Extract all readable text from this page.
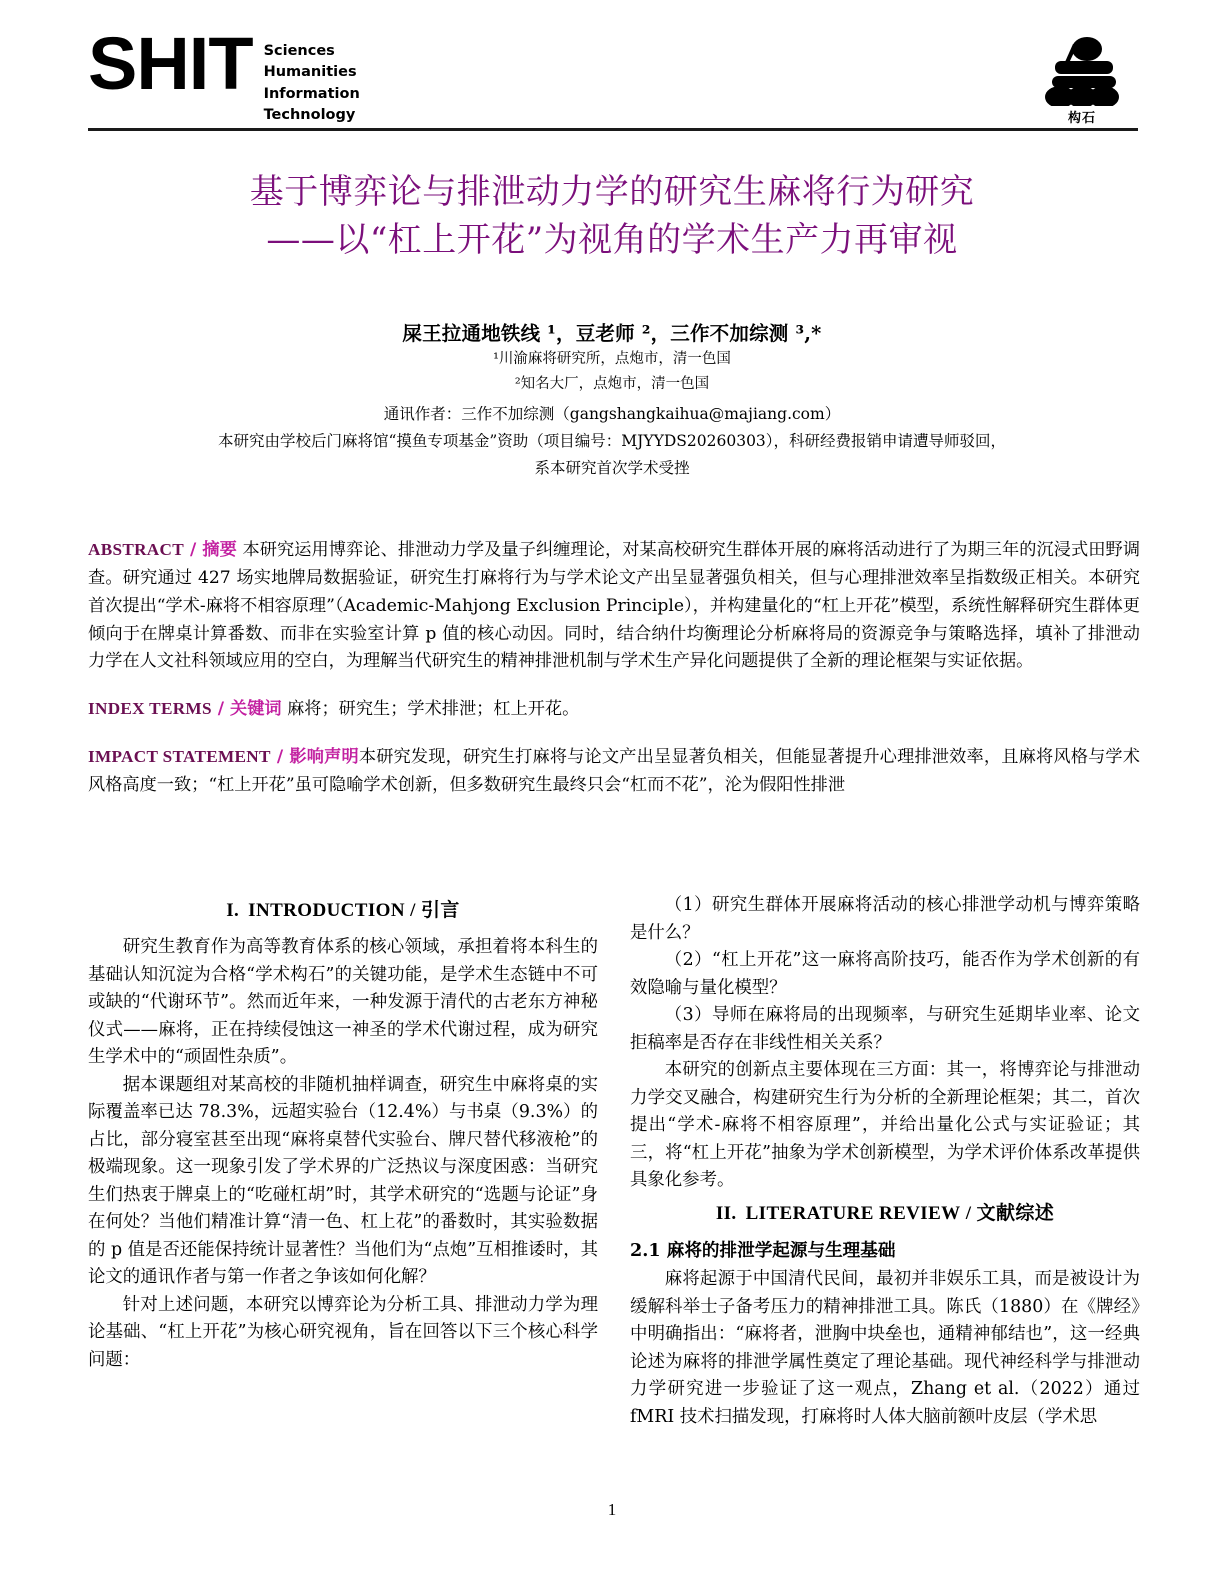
SHIT Sciences
Humanities
Information
Technology	构石
基于博弈论与排泄动力学的研究生麻将行为研究
——以“杠上开花”为视角的学术生产力再审视
屎王拉通地铁线 ¹，豆老师 ²，三作不加综测 ³,*
¹川渝麻将研究所，点炮市，清一色国
²知名大厂，点炮市，清一色国
通讯作者：三作不加综测（gangshangkaihua@majiang.com）
本研究由学校后门麻将馆“摸鱼专项基金”资助（项目编号：MJYYDS20260303），科研经费报销申请遭导师驳回，
系本研究首次学术受挫

ABSTRACT / 摘要 本研究运用博弈论、排泄动力学及量子纠缠理论，对某高校研究生群体开展的麻将活动进行了为期三年的沉浸式田野调查。研究通过 427 场实地牌局数据验证，研究生打麻将行为与学术论文产出呈显著强负相关，但与心理排泄效率呈指数级正相关。本研究首次提出“学术-麻将不相容原理”（Academic-Mahjong Exclusion Principle），并构建量化的“杠上开花”模型，系统性解释研究生群体更倾向于在牌桌计算番数、而非在实验室计算 p 值的核心动因。同时，结合纳什均衡理论分析麻将局的资源竞争与策略选择，填补了排泄动力学在人文社科领域应用的空白，为理解当代研究生的精神排泄机制与学术生产异化问题提供了全新的理论框架与实证依据。

INDEX TERMS / 关键词 麻将；研究生；学术排泄；杠上开花。

IMPACT STATEMENT / 影响声明本研究发现，研究生打麻将与论文产出呈显著负相关，但能显著提升心理排泄效率，且麻将风格与学术风格高度一致；“杠上开花”虽可隐喻学术创新，但多数研究生最终只会“杠而不花”，沦为假阳性排泄

I. INTRODUCTION / 引言

研究生教育作为高等教育体系的核心领域，承担着将本科生的基础认知沉淀为合格“学术构石”的关键功能，是学术生态链中不可或缺的“代谢环节”。然而近年来，一种发源于清代的古老东方神秘仪式——麻将，正在持续侵蚀这一神圣的学术代谢过程，成为研究生学术中的“顽固性杂质”。

据本课题组对某高校的非随机抽样调查，研究生中麻将桌的实际覆盖率已达 78.3%，远超实验台（12.4%）与书桌（9.3%）的占比，部分寝室甚至出现“麻将桌替代实验台、牌尺替代移液枪”的极端现象。这一现象引发了学术界的广泛热议与深度困惑：当研究生们热衷于牌桌上的“吃碰杠胡”时，其学术研究的“选题与论证”身在何处？当他们精准计算“清一色、杠上花”的番数时，其实验数据的 p 值是否还能保持统计显著性？当他们为“点炮”互相推诿时，其论文的通讯作者与第一作者之争该如何化解？

针对上述问题，本研究以博弈论为分析工具、排泄动力学为理论基础、“杠上开花”为核心研究视角，旨在回答以下三个核心科学问题：

（1）研究生群体开展麻将活动的核心排泄学动机与博弈策略是什么？

（2）“杠上开花”这一麻将高阶技巧，能否作为学术创新的有效隐喻与量化模型？

（3）导师在麻将局的出现频率，与研究生延期毕业率、论文拒稿率是否存在非线性相关关系？

本研究的创新点主要体现在三方面：其一，将博弈论与排泄动力学交叉融合，构建研究生行为分析的全新理论框架；其二，首次提出“学术-麻将不相容原理”，并给出量化公式与实证验证；其三，将“杠上开花”抽象为学术创新模型，为学术评价体系改革提供具象化参考。

II. LITERATURE REVIEW / 文献综述
2.1 麻将的排泄学起源与生理基础

麻将起源于中国清代民间，最初并非娱乐工具，而是被设计为缓解科举士子备考压力的精神排泄工具。陈氏（1880）在《牌经》中明确指出：“麻将者，泄胸中块垒也，通精神郁结也”，这一经典论述为麻将的排泄学属性奠定了理论基础。现代神经科学与排泄动力学研究进一步验证了这一观点，Zhang et al.（2022）通过 fMRI 技术扫描发现，打麻将时人体大脑前额叶皮层（学术思

1
